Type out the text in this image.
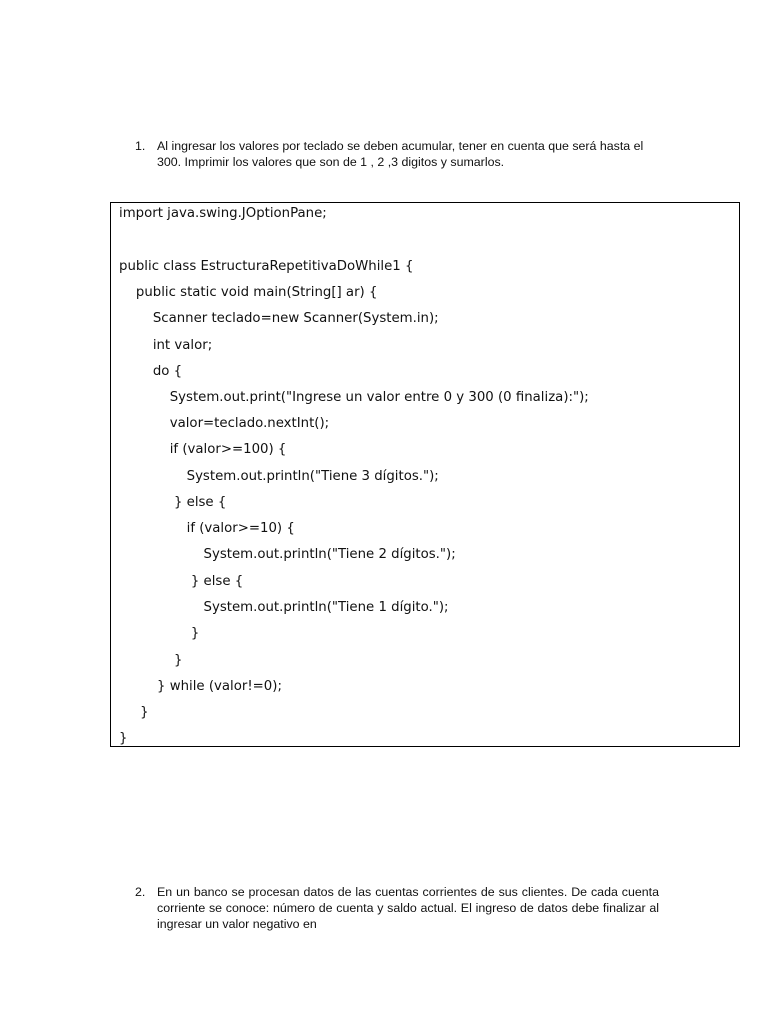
1. Al ingresar los valores por teclado se deben acumular, tener en cuenta que será hasta el 300. Imprimir los valores que son de 1 , 2 ,3 digitos y sumarlos.
import java.swing.JOptionPane;
public class EstructuraRepetitivaDoWhile1 {
public static void main(String[] ar) {
Scanner teclado=new Scanner(System.in);
int valor;
do {
System.out.print("Ingrese un valor entre 0 y 300 (0 finaliza):");
valor=teclado.nextInt();
if (valor>=100) {
System.out.println("Tiene 3 dígitos.");
} else {
if (valor>=10) {
System.out.println("Tiene 2 dígitos.");
} else {
System.out.println("Tiene 1 dígito.");
}
}
} while (valor!=0);
}
}
2. En un banco se procesan datos de las cuentas corrientes de sus clientes. De cada cuenta corriente se conoce: número de cuenta y saldo actual. El ingreso de datos debe finalizar al ingresar un valor negativo en
